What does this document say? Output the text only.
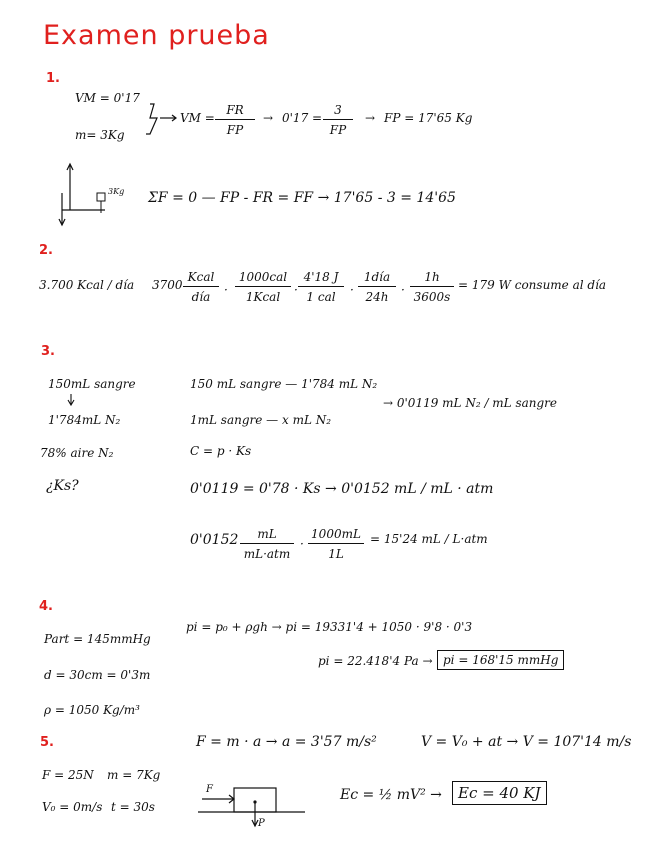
Examen prueba
1.
VM = 0'17
m= 3Kg
VM = $\frac{FR}{FP} \to 0'17 = \frac{3}{FP}$ → FP = 17'65 Kg
3Kg ΣF = 0 — FP - FR = FF → 17'65 - 3 = 14'65
2.
3.700 Kcal / día 3700
Kcal
día	·
1000cal
1Kcal	·
4'18 J
1 cal	·
1día
24h	· $\frac{1h}{3600s} = 179$ W consume al día
3.
150mL sangre
1'784mL N₂
78% aire N₂
¿Ks?
150 mL sangre — 1'784 mL N₂
1mL sangre — x mL N₂
→ 0'0119 mL N₂ / mL sangre
C = p · Ks
0'0119 = 0'78 · Ks → 0'0152 mL / mL · atm
0'0152	mL
mL·atm
· $\frac{1000mL}{1L} = 15'24$ mL / L·atm
4.
Part = 145mmHg
d = 30cm = 0'3m
ρ = 1050 Kg/m³
pi = p₀ + ρgh → pi = 19331'4 + 1050 · 9'8 · 0'3
pi = 22.418'4 Pa → pi = 168'15 mmHg
5.
F = 25N m = 7Kg
V₀ = 0m/s t = 30s
F = m · a → a = 3'57 m/s²	V = V₀ + at → V = 107'14 m/s
F
P
Ec = ½ mV² →	Ec = 40 KJ
